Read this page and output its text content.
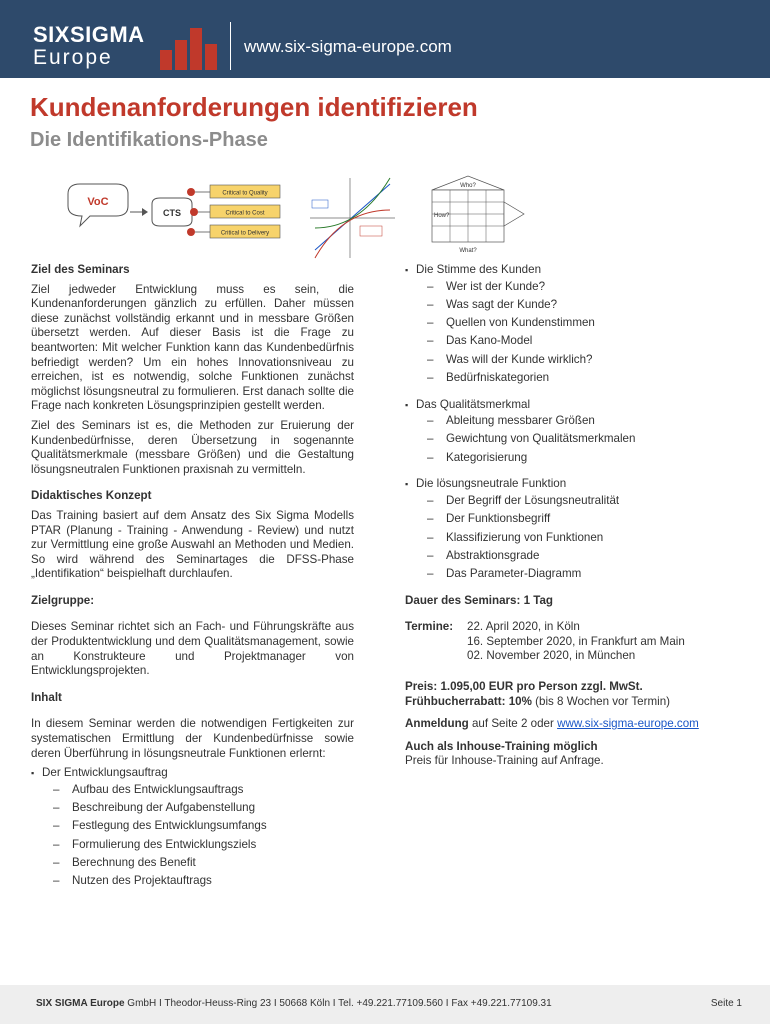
SIXSIGMA
Europe	www.six-sigma-europe.com
Kundenanforderungen identifizieren
Die Identifikations-Phase
VoC
CTS
Critical to Quality
Critical to Cost
Critical to Delivery
Who?
How?
What?
Ziel des Seminars
Ziel jedweder Entwicklung muss es sein, die Kundenanforderungen gänzlich zu erfüllen. Daher müssen diese zunächst vollständig erkannt und in messbare Größen übersetzt werden. Auf dieser Basis ist die Frage zu beantworten: Mit welcher Funktion kann das Kundenbedürfnis befriedigt werden? Um ein hohes Innovationsniveau zu erreichen, ist es notwendig, solche Funktionen zunächst möglichst lösungsneutral zu formulieren. Erst danach sollte die Frage nach konkreten Lösungsprinzipien gestellt werden.
Ziel des Seminars ist es, die Methoden zur Eruierung der Kundenbedürfnisse, deren Übersetzung in sogenannte Qualitätsmerkmale (messbare Größen) und die Gestaltung lösungsneutralen Funktionen praxisnah zu vermitteln.
Didaktisches Konzept
Das Training basiert auf dem Ansatz des Six Sigma Modells PTAR (Planung - Training - Anwendung - Review) und nutzt zur Vermittlung eine große Auswahl an Methoden und Medien. So wird während des Seminartages die DFSS-Phase „Identifikation“ beispielhaft durchlaufen.
Zielgruppe:
Dieses Seminar richtet sich an Fach- und Führungskräfte aus der Produktentwicklung und dem Qualitätsmanagement, sowie an Konstrukteure und Projektmanager von Entwicklungsprojekten.
Inhalt
In diesem Seminar werden die notwendigen Fertigkeiten zur systematischen Ermittlung der Kundenbedürfnisse sowie deren Überführung in lösungsneutrale Funktionen erlernt:
▪ Der Entwicklungsauftrag
– Aufbau des Entwicklungsauftrags
– Beschreibung der Aufgabenstellung
– Festlegung des Entwicklungsumfangs
– Formulierung des Entwicklungsziels
– Berechnung des Benefit
– Nutzen des Projektauftrags
▪ Die Stimme des Kunden
– Wer ist der Kunde?
– Was sagt der Kunde?
– Quellen von Kundenstimmen
– Das Kano-Model
– Was will der Kunde wirklich?
– Bedürfniskategorien
▪ Das Qualitätsmerkmal
– Ableitung messbarer Größen
– Gewichtung von Qualitätsmerkmalen
– Kategorisierung
▪ Die lösungsneutrale Funktion
– Der Begriff der Lösungsneutralität
– Der Funktionsbegriff
– Klassifizierung von Funktionen
– Abstraktionsgrade
– Das Parameter-Diagramm
Dauer des Seminars: 1 Tag
Termine:	22. April 2020, in Köln
16. September 2020, in Frankfurt am Main
02. November 2020, in München
Preis: 1.095,00 EUR pro Person zzgl. MwSt.
Frühbucherrabatt: 10% (bis 8 Wochen vor Termin)
Anmeldung auf Seite 2 oder www.six-sigma-europe.com
Auch als Inhouse-Training möglich
Preis für Inhouse-Training auf Anfrage.
SIX SIGMA Europe GmbH I Theodor-Heuss-Ring 23 I 50668 Köln I Tel. +49.221.77109.560 I Fax +49.221.77109.31	Seite 1
